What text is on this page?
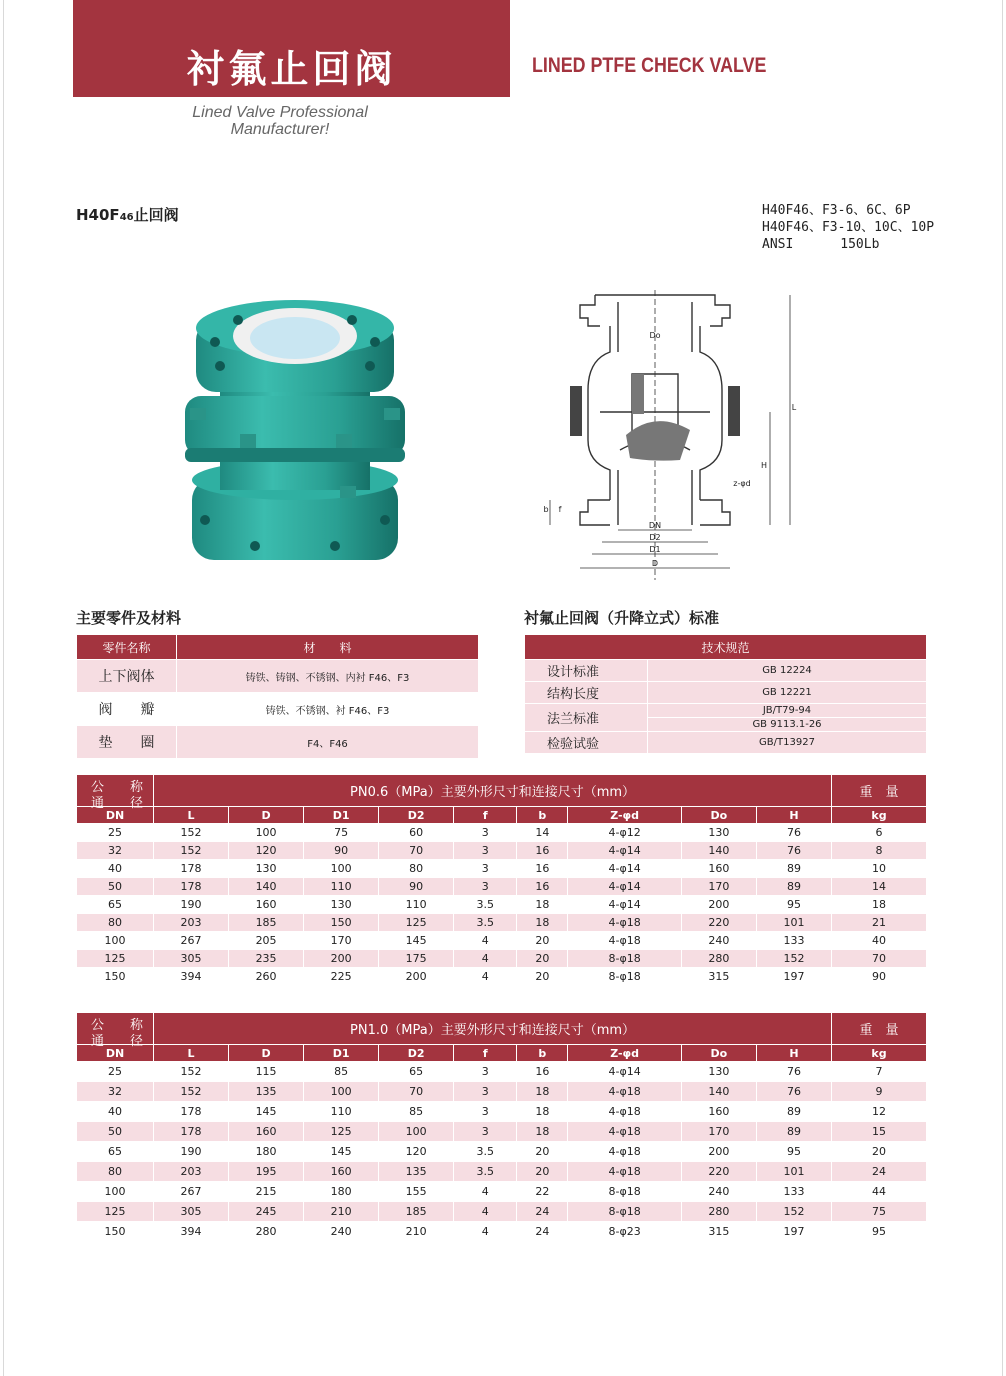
衬氟止回阀	LINED PTFE CHECK VALVE
Lined Valve Professional
Manufacturer!
H40F46止回阀	H40F46、F3-6、6C、6P
H40F46、F3-10、10C、10P
ANSI      150Lb
Do
DN
D2
D1
D
L
H
z-φd
b f
主要零件及材料	衬氟止回阀（升降立式）标准
零件名称	材　　料
上下阀体	铸铁、铸钢、不锈钢、内衬 F46、F3
阀　　瓣	铸铁、不锈钢、衬 F46、F3
垫　　圈	F4、F46
技术规范	
设计标准	GB 12224
结构长度	GB 12221
法兰标准	JB/T79-94
	GB 9113.1-26
检验试验	GB/T13927
公　　称
通　　径	PN0.6（MPa）主要外形尺寸和连接尺寸（mm）									重　量
DN	L	D	D1	D2	f	b	Z-φd	Do	H	kg
25	152	100	75	60	3	14	4-φ12	130	76	6
32	152	120	90	70	3	16	4-φ14	140	76	8
40	178	130	100	80	3	16	4-φ14	160	89	10
50	178	140	110	90	3	16	4-φ14	170	89	14
65	190	160	130	110	3.5	18	4-φ14	200	95	18
80	203	185	150	125	3.5	18	4-φ18	220	101	21
100	267	205	170	145	4	20	4-φ18	240	133	40
125	305	235	200	175	4	20	8-φ18	280	152	70
150	394	260	225	200	4	20	8-φ18	315	197	90
公　　称
通　　径	PN1.0（MPa）主要外形尺寸和连接尺寸（mm）									重　量
DN	L	D	D1	D2	f	b	Z-φd	Do	H	kg
25	152	115	85	65	3	16	4-φ14	130	76	7
32	152	135	100	70	3	18	4-φ18	140	76	9
40	178	145	110	85	3	18	4-φ18	160	89	12
50	178	160	125	100	3	18	4-φ18	170	89	15
65	190	180	145	120	3.5	20	4-φ18	200	95	20
80	203	195	160	135	3.5	20	4-φ18	220	101	24
100	267	215	180	155	4	22	8-φ18	240	133	44
125	305	245	210	185	4	24	8-φ18	280	152	75
150	394	280	240	210	4	24	8-φ23	315	197	95
